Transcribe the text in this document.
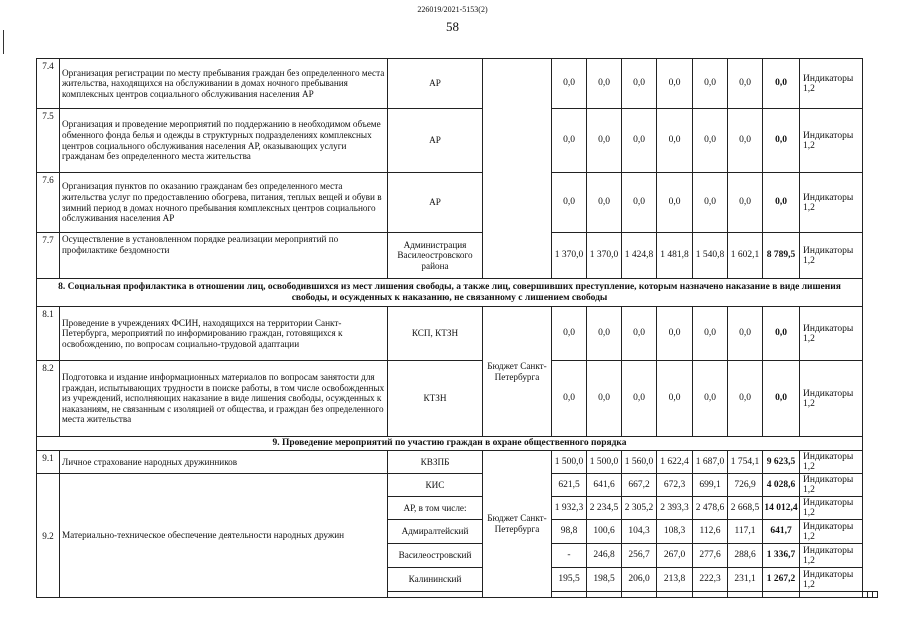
226019/2021-5153(2)
58
7.4	Организация регистрации по месту пребывания граждан без определенного места жительства, находящихся на обслуживании в домах ночного пребывания комплексных центров социального обслуживания населения АР	АР		0,0	0,0	0,0	0,0	0,0	0,0	0,0	Индикаторы 1,2			
7.5	Организация и проведение мероприятий по поддержанию в необходимом объеме обменного фонда белья и одежды в структурных подразделениях комплексных центров социального обслуживания населения АР, оказывающих услуги гражданам без определенного места жительства	АР		0,0	0,0	0,0	0,0	0,0	0,0	0,0	Индикаторы 1,2			
7.6	Организация пунктов по оказанию гражданам без определенного места жительства услуг по предоставлению обогрева, питания, теплых вещей и обуви в зимний период в домах ночного пребывания комплексных центров социального обслуживания населения АР	АР		0,0	0,0	0,0	0,0	0,0	0,0	0,0	Индикаторы 1,2			
7.7	Осуществление в установленном порядке реализации мероприятий по профилактике бездомности	Администрация Василеостровского района		1 370,0	1 370,0	1 424,8	1 481,8	1 540,8	1 602,1	8 789,5	Индикаторы 1,2			
8. Социальная профилактика в отношении лиц, освободившихся из мест лишения свободы, а также лиц, совершивших преступление, которым назначено наказание в виде лишения свободы, и осужденных к наказанию, не связанному с лишением свободы														
8.1	Проведение в учреждениях ФСИН, находящихся на территории Санкт-Петербурга, мероприятий по информированию граждан, готовящихся к освобождению, по вопросам социально-трудовой адаптации	КСП, КТЗН	Бюджет Санкт-Петербурга	0,0	0,0	0,0	0,0	0,0	0,0	0,0	Индикаторы 1,2			
8.2	Подготовка и издание информационных материалов по вопросам занятости для граждан, испытывающих трудности в поиске работы, в том числе освобожденных из учреждений, исполняющих наказание в виде лишения свободы, осужденных к наказаниям, не связанным с изоляцией от общества, и граждан без определенного места жительства	КТЗН		0,0	0,0	0,0	0,0	0,0	0,0	0,0	Индикаторы 1,2			
9. Проведение мероприятий по участию граждан в охране общественного порядка														
9.1	Личное страхование народных дружинников	КВЗПБ	Бюджет Санкт-Петербурга	1 500,0	1 500,0	1 560,0	1 622,4	1 687,0	1 754,1	9 623,5	Индикаторы 1,2			
9.2	Материально-техническое обеспечение деятельности народных дружин	КИС		621,5	641,6	667,2	672,3	699,1	726,9	4 028,6	Индикаторы 1,2			
		АР, в том числе:		1 932,3	2 234,5	2 305,2	2 393,3	2 478,6	2 668,5	14 012,4	Индикаторы 1,2			
		Адмиралтейский		98,8	100,6	104,3	108,3	112,6	117,1	641,7	Индикаторы 1,2			
		Василеостровский		-	246,8	256,7	267,0	277,6	288,6	1 336,7	Индикаторы 1,2			
		Калининский		195,5	198,5	206,0	213,8	222,3	231,1	1 267,2	Индикаторы 1,2			
